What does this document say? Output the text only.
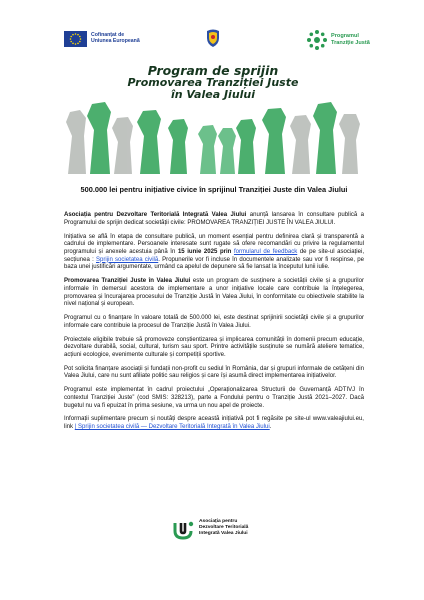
Cofinanțat de
Uniunea Europeană
Programul
Tranziție Justă
Program de sprijin
Promovarea Tranziției Juste
în Valea Jiului
500.000 lei pentru inițiative civice în sprijinul Tranziției Juste din Valea Jiului

Asociația pentru Dezvoltare Teritorială Integrată Valea Jiului anunță lansarea în consultare publică a Programului de sprijin dedicat societății civile: PROMOVAREA TRANZIȚIEI JUSTE ÎN VALEA JIULUI.

Inițiativa se află în etapa de consultare publică, un moment esențial pentru definirea clară și transparentă a cadrului de implementare. Persoanele interesate sunt rugate să ofere recomandări cu privire la regulamentul programului și anexele acestuia până în 15 iunie 2025 prin formularul de feedback de pe site-ul asociației, secțiunea : Sprijin societatea civilă. Propunerile vor fi incluse în documentele analizate sau vor fi respinse, pe baza unei justificări argumentate, urmând ca apelul de depunere să fie lansat la începutul lunii iulie.

Promovarea Tranziției Juste în Valea Jiului este un program de susținere a societății civile și a grupurilor informale în demersul acestora de implementare a unor inițiative locale care contribuie la înțelegerea, promovarea și încurajarea procesului de Tranziție Justă în Valea Jiului, în conformitate cu obiectivele stabilite la nivel național și european.

Programul cu o finanțare în valoare totală de 500.000 lei, este destinat sprijinirii societății civile și a grupurilor informale care contribuie la procesul de Tranziție Justă în Valea Jiului.

Proiectele eligibile trebuie să promoveze conștientizarea și implicarea comunității în domenii precum educație, dezvoltare durabilă, social, cultural, turism sau sport. Printre activitățile susținute se numără ateliere tematice, acțiuni ecologice, evenimente culturale și competiții sportive.

Pot solicita finanțare asociații și fundații non-profit cu sediul în România, dar și grupuri informale de cetățeni din Valea Jiului, care nu sunt afiliate politic sau religios și care își asumă direct implementarea inițiativelor.

Programul este implementat în cadrul proiectului „Operaționalizarea Structurii de Guvernanță ADTIVJ în contextul Tranziției Juste” (cod SMIS: 328213), parte a Fondului pentru o Tranziție Justă 2021–2027. Dacă bugetul nu va fi epuizat în prima sesiune, va urma un nou apel de proiecte.

Informații suplimentare precum și noutăți despre această inițiativă pot fi regăsite pe site-ul www.valeajiului.eu, link | Sprijin societatea civilă — Dezvoltare Teritorială Integrată în Valea Jiului.

Asociația pentru
Dezvoltare Teritorială
Integrată Valea Jiului
